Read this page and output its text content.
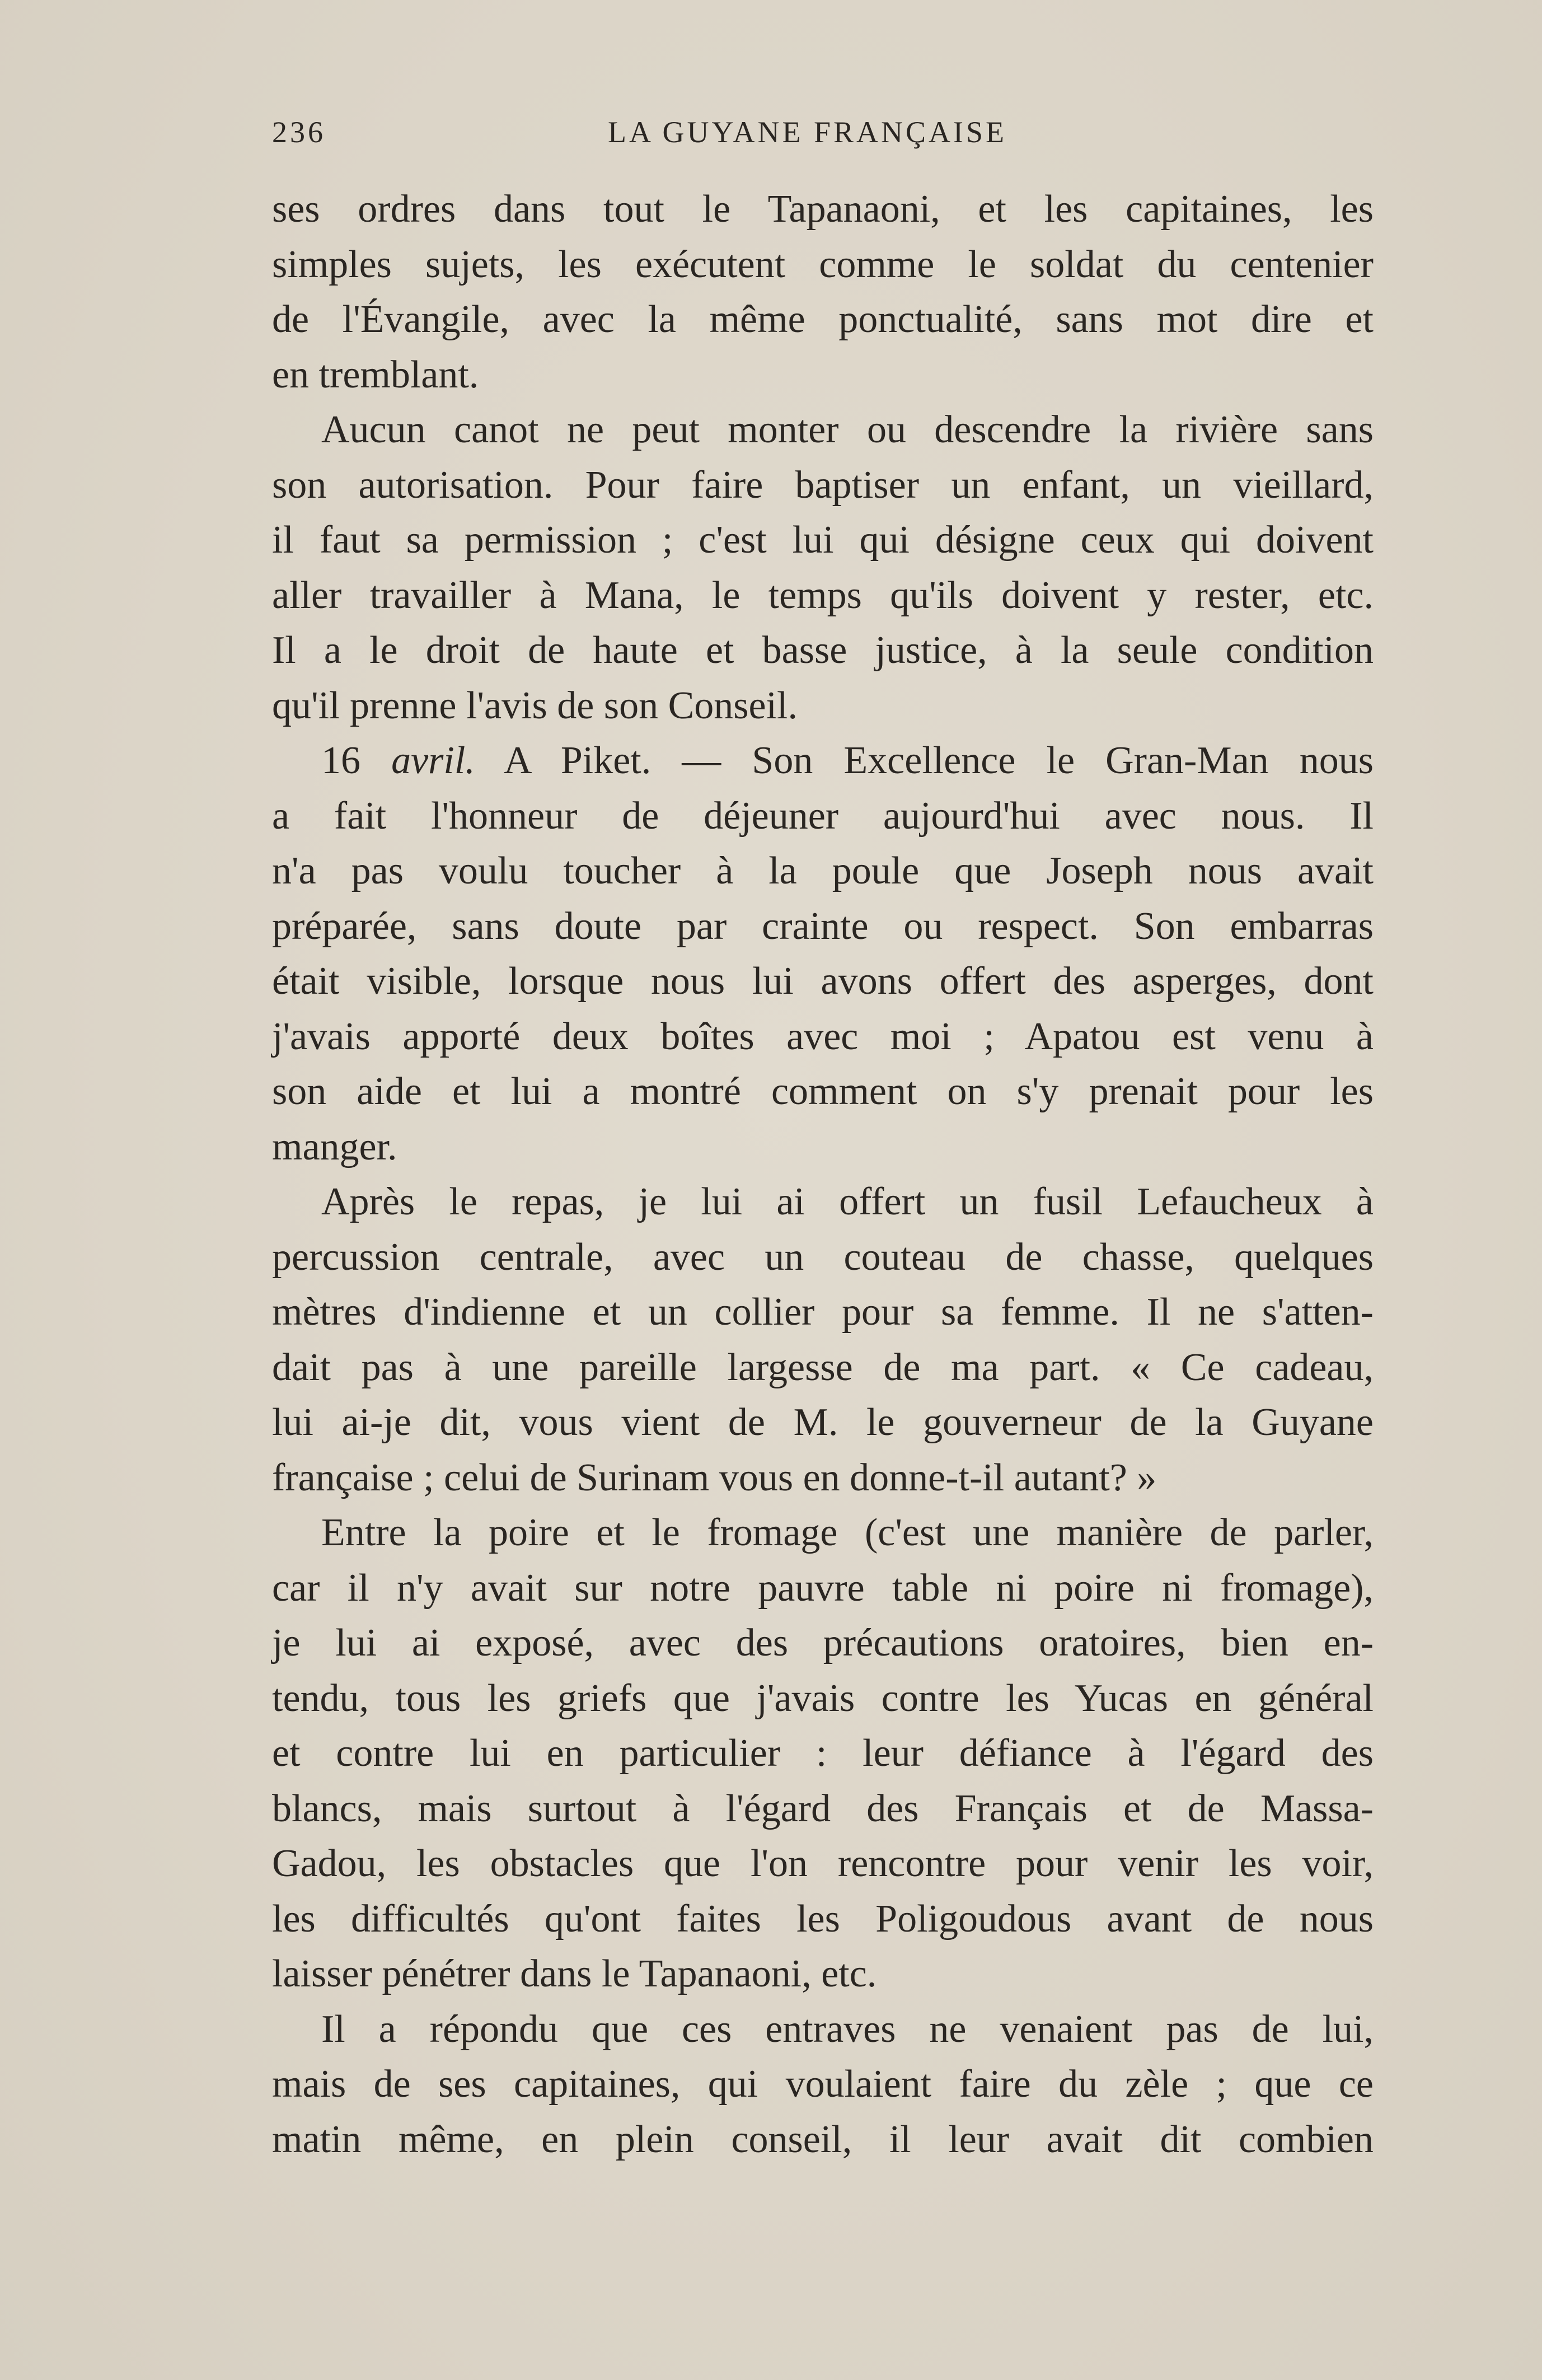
236	LA GUYANE FRANÇAISE
ses ordres dans tout le Tapanaoni, et les capitaines, les
simples sujets, les exécutent comme le soldat du centenier
de l'Évangile, avec la même ponctualité, sans mot dire et
en tremblant.
Aucun canot ne peut monter ou descendre la rivière sans
son autorisation. Pour faire baptiser un enfant, un vieillard,
il faut sa permission ; c'est lui qui désigne ceux qui doivent
aller travailler à Mana, le temps qu'ils doivent y rester, etc.
Il a le droit de haute et basse justice, à la seule condition
qu'il prenne l'avis de son Conseil.
16 avril. A Piket. — Son Excellence le Gran-Man nous
a fait l'honneur de déjeuner aujourd'hui avec nous. Il
n'a pas voulu toucher à la poule que Joseph nous avait
préparée, sans doute par crainte ou respect. Son embarras
était visible, lorsque nous lui avons offert des asperges, dont
j'avais apporté deux boîtes avec moi ; Apatou est venu à
son aide et lui a montré comment on s'y prenait pour les
manger.
Après le repas, je lui ai offert un fusil Lefaucheux à
percussion centrale, avec un couteau de chasse, quelques
mètres d'indienne et un collier pour sa femme. Il ne s'atten-
dait pas à une pareille largesse de ma part. « Ce cadeau,
lui ai-je dit, vous vient de M. le gouverneur de la Guyane
française ; celui de Surinam vous en donne-t-il autant? »
Entre la poire et le fromage (c'est une manière de parler,
car il n'y avait sur notre pauvre table ni poire ni fromage),
je lui ai exposé, avec des précautions oratoires, bien en-
tendu, tous les griefs que j'avais contre les Yucas en général
et contre lui en particulier : leur défiance à l'égard des
blancs, mais surtout à l'égard des Français et de Massa-
Gadou, les obstacles que l'on rencontre pour venir les voir,
les difficultés qu'ont faites les Poligoudous avant de nous
laisser pénétrer dans le Tapanaoni, etc.
Il a répondu que ces entraves ne venaient pas de lui,
mais de ses capitaines, qui voulaient faire du zèle ; que ce
matin même, en plein conseil, il leur avait dit combien
